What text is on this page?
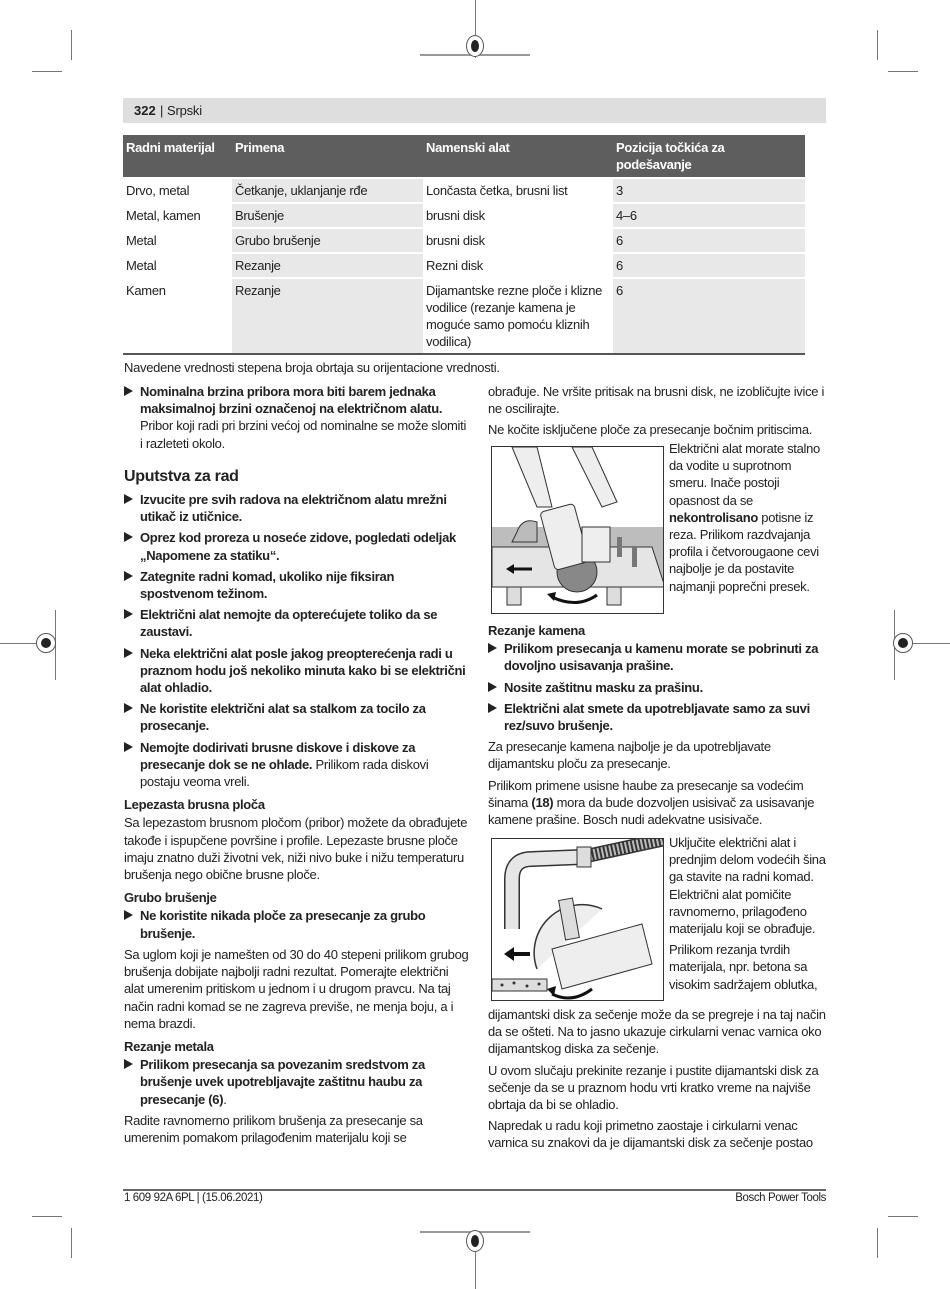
322 | Srpski
Radni materijal	Primena	Namenski alat	Pozicija točkića za podešavanje
Drvo, metal	Četkanje, uklanjanje rđe	Lončasta četka, brusni list	3
Metal, kamen	Brušenje	brusni disk	4–6
Metal	Grubo brušenje	brusni disk	6
Metal	Rezanje	Rezni disk	6
Kamen	Rezanje	Dijamantske rezne ploče i klizne vodilice (rezanje kamena je moguće samo pomoću kliznih vodilica)	6
Navedene vrednosti stepena broja obrtaja su orijentacione vrednosti.
Nominalna brzina pribora mora biti barem jednaka maksimalnoj brzini označenoj na električnom alatu. Pribor koji radi pri brzini većoj od nominalne se može slomiti i razleteti okolo.
Uputstva za rad
Izvucite pre svih radova na električnom alatu mrežni utikač iz utičnice.
Oprez kod proreza u noseće zidove, pogledati odeljak „Napomene za statiku“.
Zategnite radni komad, ukoliko nije fiksiran spostvenom težinom.
Električni alat nemojte da opterećujete toliko da se zaustavi.
Neka električni alat posle jakog preopterećenja radi u praznom hodu još nekoliko minuta kako bi se električni alat ohladio.
Ne koristite električni alat sa stalkom za tocilo za prosecanje.
Nemojte dodirivati brusne diskove i diskove za presecanje dok se ne ohlade. Prilikom rada diskovi postaju veoma vreli.
Lepezasta brusna ploča
Sa lepezastom brusnom pločom (pribor) možete da obrađujete takođe i ispupčene površine i profile. Lepezaste brusne ploče imaju znatno duži životni vek, niži nivo buke i nižu temperaturu brušenja nego obične brusne ploče.
Grubo brušenje
Ne koristite nikada ploče za presecanje za grubo brušenje.
Sa uglom koji je namešten od 30 do 40 stepeni prilikom grubog brušenja dobijate najbolji radni rezultat. Pomerajte električni alat umerenim pritiskom u jednom i u drugom pravcu. Na taj način radni komad se ne zagreva previše, ne menja boju, a i nema brazdi.
Rezanje metala
Prilikom presecanja sa povezanim sredstvom za brušenje uvek upotrebljavajte zaštitnu haubu za presecanje (6).
Radite ravnomerno prilikom brušenja za presecanje sa umerenim pomakom prilagođenim materijalu koji se
obrađuje. Ne vršite pritisak na brusni disk, ne izobličujte ivice i ne oscilirajte.
Ne kočite isključene ploče za presecanje bočnim pritiscima.
Električni alat morate stalno da vodite u suprotnom smeru. Inače postoji opasnost da se nekontrolisano potisne iz reza. Prilikom razdvajanja profila i četvorougaone cevi najbolje je da postavite najmanji poprečni presek.
Rezanje kamena
Prilikom presecanja u kamenu morate se pobrinuti za dovoljno usisavanja prašine.
Nosite zaštitnu masku za prašinu.
Električni alat smete da upotrebljavate samo za suvi rez/suvo brušenje.
Za presecanje kamena najbolje je da upotrebljavate dijamantsku ploču za presecanje.
Prilikom primene usisne haube za presecanje sa vodećim šinama (18) mora da bude dozvoljen usisivač za usisavanje kamene prašine. Bosch nudi adekvatne usisivače.
Uključite električni alat i prednjim delom vodećih šina ga stavite na radni komad. Električni alat pomičite ravnomerno, prilagođeno materijalu koji se obrađuje.
Prilikom rezanja tvrdih materijala, npr. betona sa visokim sadržajem oblutka,
dijamantski disk za sečenje može da se pregreje i na taj način da se ošteti. Na to jasno ukazuje cirkularni venac varnica oko dijamantskog diska za sečenje.
U ovom slučaju prekinite rezanje i pustite dijamantski disk za sečenje da se u praznom hodu vrti kratko vreme na najviše obrtaja da bi se ohladio.
Napredak u radu koji primetno zaostaje i cirkularni venac varnica su znakovi da je dijamantski disk za sečenje postao
1 609 92A 6PL | (15.06.2021)	Bosch Power Tools
